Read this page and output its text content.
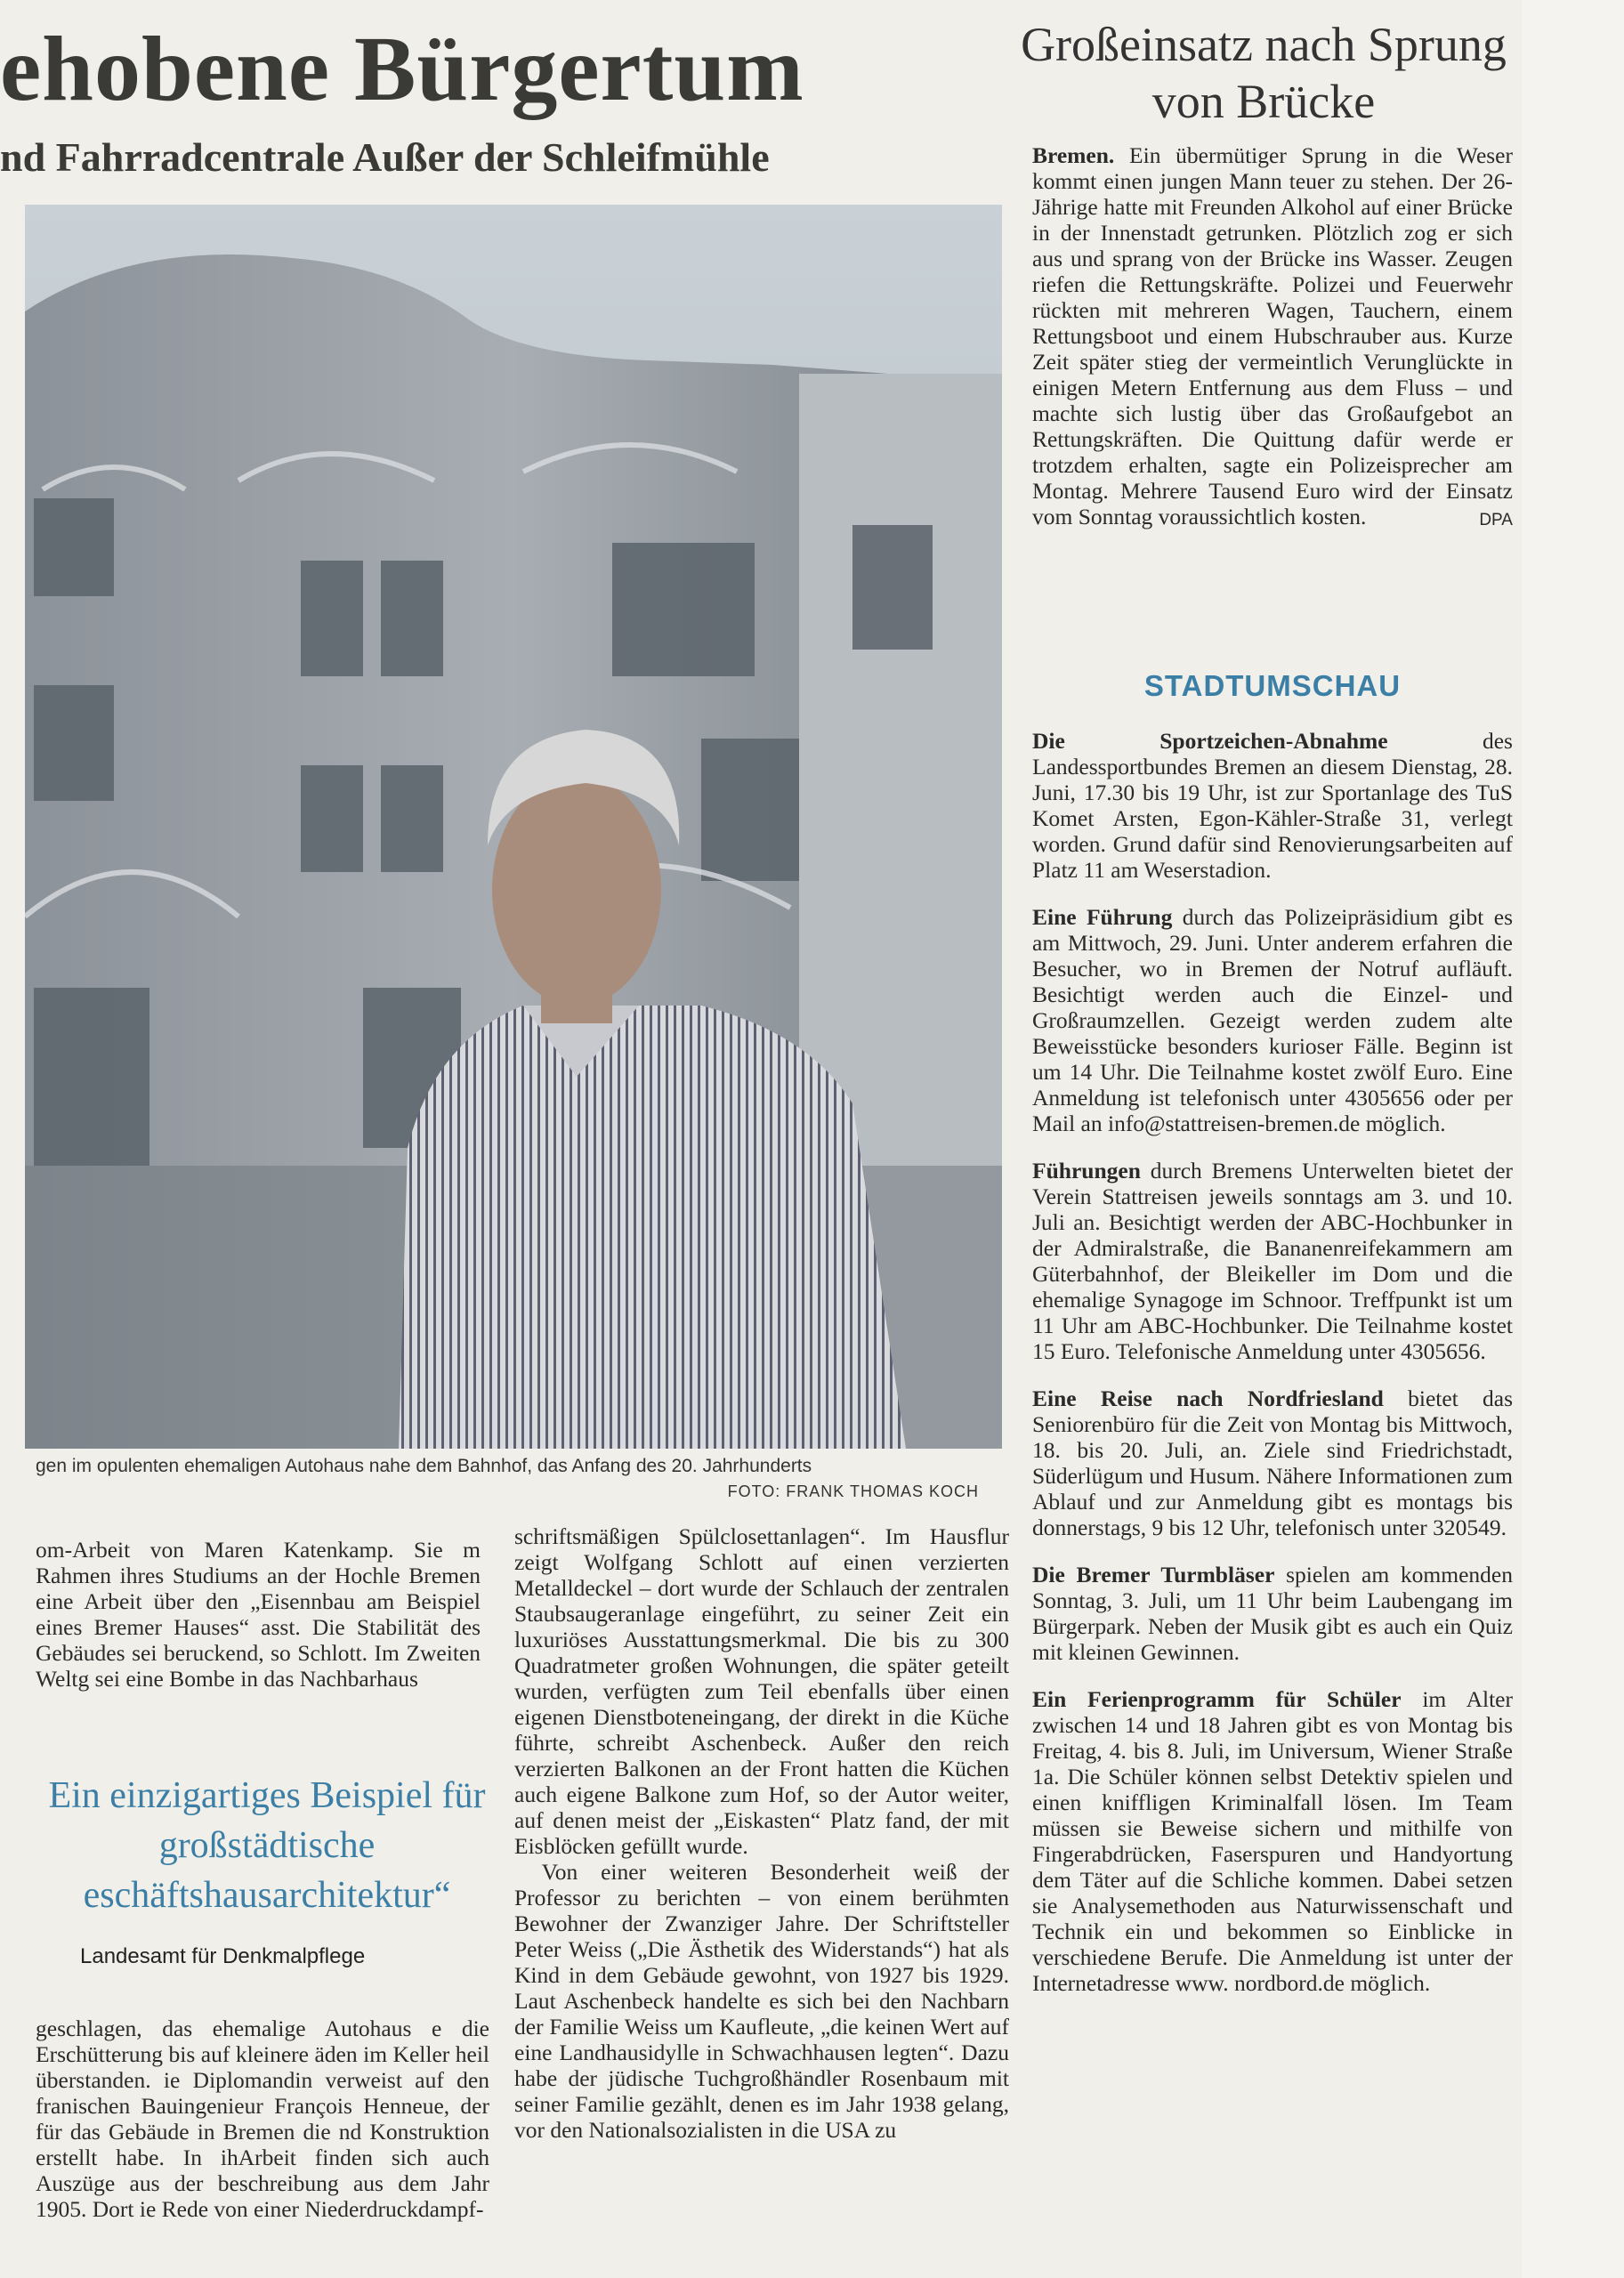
ehobene Bürgertum
nd Fahrradcentrale Außer der Schleifmühle
gen im opulenten ehemaligen Autohaus nahe dem Bahnhof, das Anfang des 20. Jahrhunderts
FOTO: FRANK THOMAS KOCH

om-Arbeit von Maren Katenkamp. Sie m Rahmen ihres Studiums an der Hochle Bremen eine Arbeit über den „Eisennbau am Beispiel eines Bremer Hauses“ asst. Die Stabilität des Gebäudes sei beruckend, so Schlott. Im Zweiten Weltg sei eine Bombe in das Nachbarhaus

Ein einzigartiges Beispiel für großstädtische eschäftshausarchitektur“
Landesamt für Denkmalpflege

geschlagen, das ehemalige Autohaus e die Erschütterung bis auf kleinere äden im Keller heil überstanden. ie Diplomandin verweist auf den franischen Bauingenieur François Henneue, der für das Gebäude in Bremen die nd Konstruktion erstellt habe. In ihArbeit finden sich auch Auszüge aus der beschreibung aus dem Jahr 1905. Dort ie Rede von einer Niederdruckdampf-

schriftsmäßigen Spülclosettanlagen“. Im Hausflur zeigt Wolfgang Schlott auf einen verzierten Metalldeckel – dort wurde der Schlauch der zentralen Staubsaugeranlage eingeführt, zu seiner Zeit ein luxuriöses Ausstattungsmerkmal. Die bis zu 300 Quadratmeter großen Wohnungen, die später geteilt wurden, verfügten zum Teil ebenfalls über einen eigenen Dienstboteneingang, der direkt in die Küche führte, schreibt Aschenbeck. Außer den reich verzierten Balkonen an der Front hatten die Küchen auch eigene Balkone zum Hof, so der Autor weiter, auf denen meist der „Eiskasten“ Platz fand, der mit Eisblöcken gefüllt wurde.

Von einer weiteren Besonderheit weiß der Professor zu berichten – von einem berühmten Bewohner der Zwanziger Jahre. Der Schriftsteller Peter Weiss („Die Ästhetik des Widerstands“) hat als Kind in dem Gebäude gewohnt, von 1927 bis 1929. Laut Aschenbeck handelte es sich bei den Nachbarn der Familie Weiss um Kaufleute, „die keinen Wert auf eine Landhausidylle in Schwachhausen legten“. Dazu habe der jüdische Tuchgroßhändler Rosenbaum mit seiner Familie gezählt, denen es im Jahr 1938 gelang, vor den Nationalsozialisten in die USA zu

Großeinsatz nach Sprung von Brücke

Bremen. Ein übermütiger Sprung in die Weser kommt einen jungen Mann teuer zu stehen. Der 26-Jährige hatte mit Freunden Alkohol auf einer Brücke in der Innenstadt getrunken. Plötzlich zog er sich aus und sprang von der Brücke ins Wasser. Zeugen riefen die Rettungskräfte. Polizei und Feuerwehr rückten mit mehreren Wagen, Tauchern, einem Rettungsboot und einem Hubschrauber aus. Kurze Zeit später stieg der vermeintlich Verunglückte in einigen Metern Entfernung aus dem Fluss – und machte sich lustig über das Großaufgebot an Rettungskräften. Die Quittung dafür werde er trotzdem erhalten, sagte ein Polizeisprecher am Montag. Mehrere Tausend Euro wird der Einsatz vom Sonntag voraussichtlich kosten.	DPA

STADTUMSCHAU

Die Sportzeichen-Abnahme des Landessportbundes Bremen an diesem Dienstag, 28. Juni, 17.30 bis 19 Uhr, ist zur Sportanlage des TuS Komet Arsten, Egon-Kähler-Straße 31, verlegt worden. Grund dafür sind Renovierungsarbeiten auf Platz 11 am Weserstadion.

Eine Führung durch das Polizeipräsidium gibt es am Mittwoch, 29. Juni. Unter anderem erfahren die Besucher, wo in Bremen der Notruf aufläuft. Besichtigt werden auch die Einzel- und Großraumzellen. Gezeigt werden zudem alte Beweisstücke besonders kurioser Fälle. Beginn ist um 14 Uhr. Die Teilnahme kostet zwölf Euro. Eine Anmeldung ist telefonisch unter 4305656 oder per Mail an info@stattreisen-bremen.de möglich.

Führungen durch Bremens Unterwelten bietet der Verein Stattreisen jeweils sonntags am 3. und 10. Juli an. Besichtigt werden der ABC-Hochbunker in der Admiralstraße, die Bananenreifekammern am Güterbahnhof, der Bleikeller im Dom und die ehemalige Synagoge im Schnoor. Treffpunkt ist um 11 Uhr am ABC-Hochbunker. Die Teilnahme kostet 15 Euro. Telefonische Anmeldung unter 4305656.

Eine Reise nach Nordfriesland bietet das Seniorenbüro für die Zeit von Montag bis Mittwoch, 18. bis 20. Juli, an. Ziele sind Friedrichstadt, Süderlügum und Husum. Nähere Informationen zum Ablauf und zur Anmeldung gibt es montags bis donnerstags, 9 bis 12 Uhr, telefonisch unter 320549.

Die Bremer Turmbläser spielen am kommenden Sonntag, 3. Juli, um 11 Uhr beim Laubengang im Bürgerpark. Neben der Musik gibt es auch ein Quiz mit kleinen Gewinnen.

Ein Ferienprogramm für Schüler im Alter zwischen 14 und 18 Jahren gibt es von Montag bis Freitag, 4. bis 8. Juli, im Universum, Wiener Straße 1a. Die Schüler können selbst Detektiv spielen und einen kniffligen Kriminalfall lösen. Im Team müssen sie Beweise sichern und mithilfe von Fingerabdrücken, Faserspuren und Handyortung dem Täter auf die Schliche kommen. Dabei setzen sie Analysemethoden aus Naturwissenschaft und Technik ein und bekommen so Einblicke in verschiedene Berufe. Die Anmeldung ist unter der Internetadresse www. nordbord.de möglich.
